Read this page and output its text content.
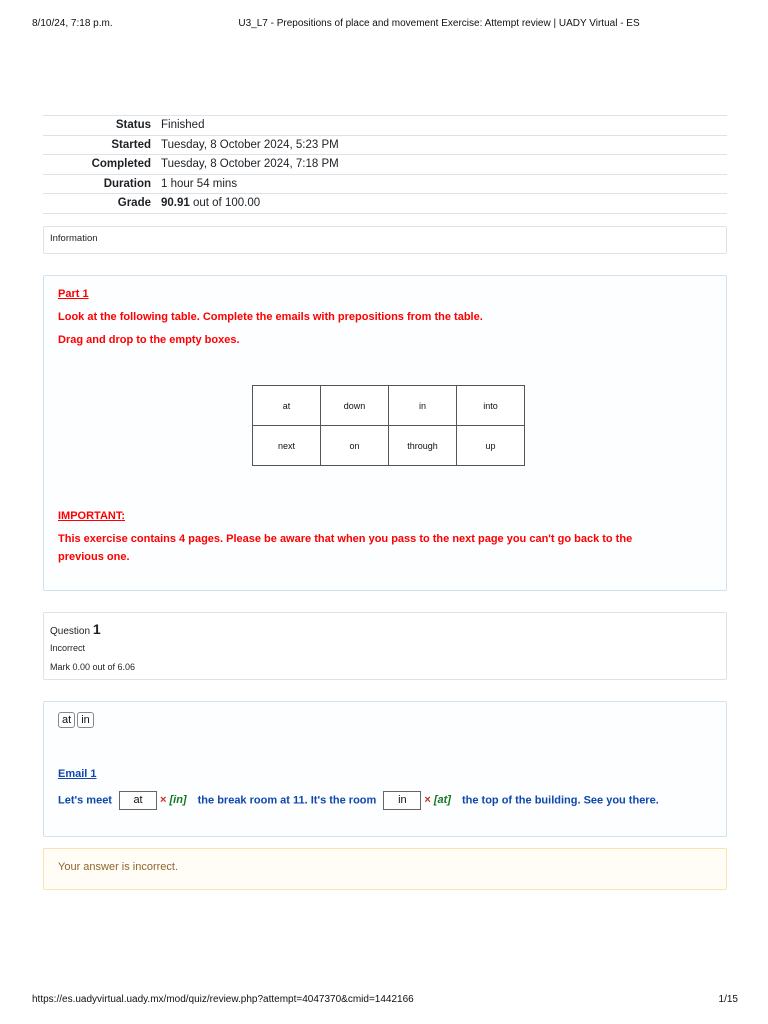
8/10/24, 7:18 p.m.	U3_L7 - Prepositions of place and movement Exercise: Attempt review | UADY Virtual - ES
Status	Finished
Started	Tuesday, 8 October 2024, 5:23 PM
Completed	Tuesday, 8 October 2024, 7:18 PM
Duration	1 hour 54 mins
Grade	90.91 out of 100.00
Information

Part 1

Look at the following table. Complete the emails with prepositions from the table.

Drag and drop to the empty boxes.

at	down	in	into
next	on	through	up

IMPORTANT:

This exercise contains 4 pages. Please be aware that when you pass to the next page you can't go back to the

previous one.

Question 1
Incorrect
Mark 0.00 out of 6.06
at in
Email 1
Let's meet at × [in] the break room at 11. It's the room in × [at] the top of the building. See you there.
Your answer is incorrect.
https://es.uadyvirtual.uady.mx/mod/quiz/review.php?attempt=4047370&cmid=1442166	1/15
